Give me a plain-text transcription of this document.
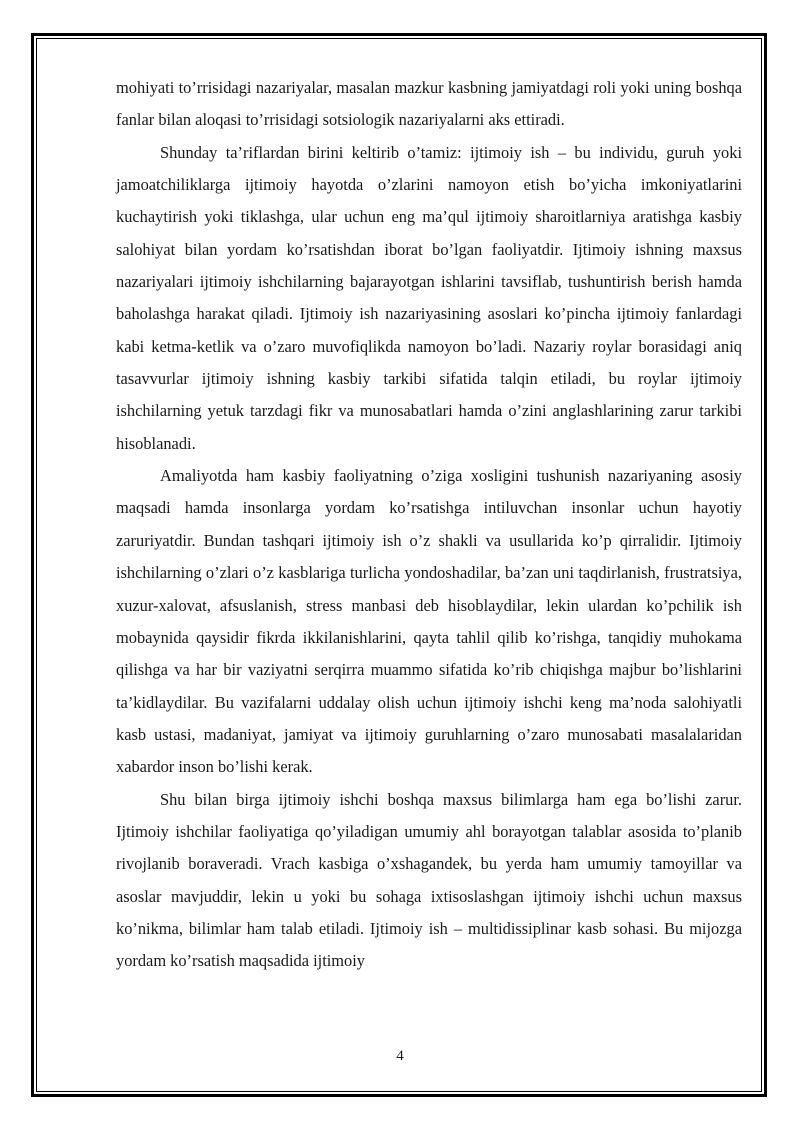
mohiyati to’rrisidagi nazariyalar, masalan mazkur kasbning jamiyatdagi roli yoki uning boshqa fanlar bilan aloqasi to’rrisidagi sotsiologik nazariyalarni aks ettiradi.

Shunday ta’riflardan birini keltirib o’tamiz: ijtimoiy ish – bu individu, guruh yoki jamoatchiliklarga ijtimoiy hayotda o’zlarini namoyon etish bo’yicha imkoniyatlarini kuchaytirish yoki tiklashga, ular uchun eng ma’qul ijtimoiy sharoitlarniya aratishga kasbiy salohiyat bilan yordam ko’rsatishdan iborat bo’lgan faoliyatdir. Ijtimoiy ishning maxsus nazariyalari ijtimoiy ishchilarning bajarayotgan ishlarini tavsiflab, tushuntirish berish hamda baholashga harakat qiladi. Ijtimoiy ish nazariyasining asoslari ko’pincha ijtimoiy fanlardagi kabi ketma-ketlik va o’zaro muvofiqlikda namoyon bo’ladi. Nazariy roylar borasidagi aniq tasavvurlar ijtimoiy ishning kasbiy tarkibi sifatida talqin etiladi, bu roylar ijtimoiy ishchilarning yetuk tarzdagi fikr va munosabatlari hamda o’zini anglashlarining zarur tarkibi hisoblanadi.

Amaliyotda ham kasbiy faoliyatning o’ziga xosligini tushunish nazariyaning asosiy maqsadi hamda insonlarga yordam ko’rsatishga intiluvchan insonlar uchun hayotiy zaruriyatdir. Bundan tashqari ijtimoiy ish o’z shakli va usullarida ko’p qirralidir. Ijtimoiy ishchilarning o’zlari o’z kasblariga turlicha yondoshadilar, ba’zan uni taqdirlanish, frustratsiya, xuzur-xalovat, afsuslanish, stress manbasi deb hisoblaydilar, lekin ulardan ko’pchilik ish mobaynida qaysidir fikrda ikkilanishlarini, qayta tahlil qilib ko’rishga, tanqidiy muhokama qilishga va har bir vaziyatni serqirra muammo sifatida ko’rib chiqishga majbur bo’lishlarini ta’kidlaydilar. Bu vazifalarni uddalay olish uchun ijtimoiy ishchi keng ma’noda salohiyatli kasb ustasi, madaniyat, jamiyat va ijtimoiy guruhlarning o’zaro munosabati masalalaridan xabardor inson bo’lishi kerak.

Shu bilan birga ijtimoiy ishchi boshqa maxsus bilimlarga ham ega bo’lishi zarur. Ijtimoiy ishchilar faoliyatiga qo’yiladigan umumiy ahl borayotgan talablar asosida to’planib rivojlanib boraveradi. Vrach kasbiga o’xshagandek, bu yerda ham umumiy tamoyillar va asoslar mavjuddir, lekin u yoki bu sohaga ixtisoslashgan ijtimoiy ishchi uchun maxsus ko’nikma, bilimlar ham talab etiladi. Ijtimoiy ish – multidissiplinar kasb sohasi. Bu mijozga yordam ko’rsatish maqsadida ijtimoiy

4
